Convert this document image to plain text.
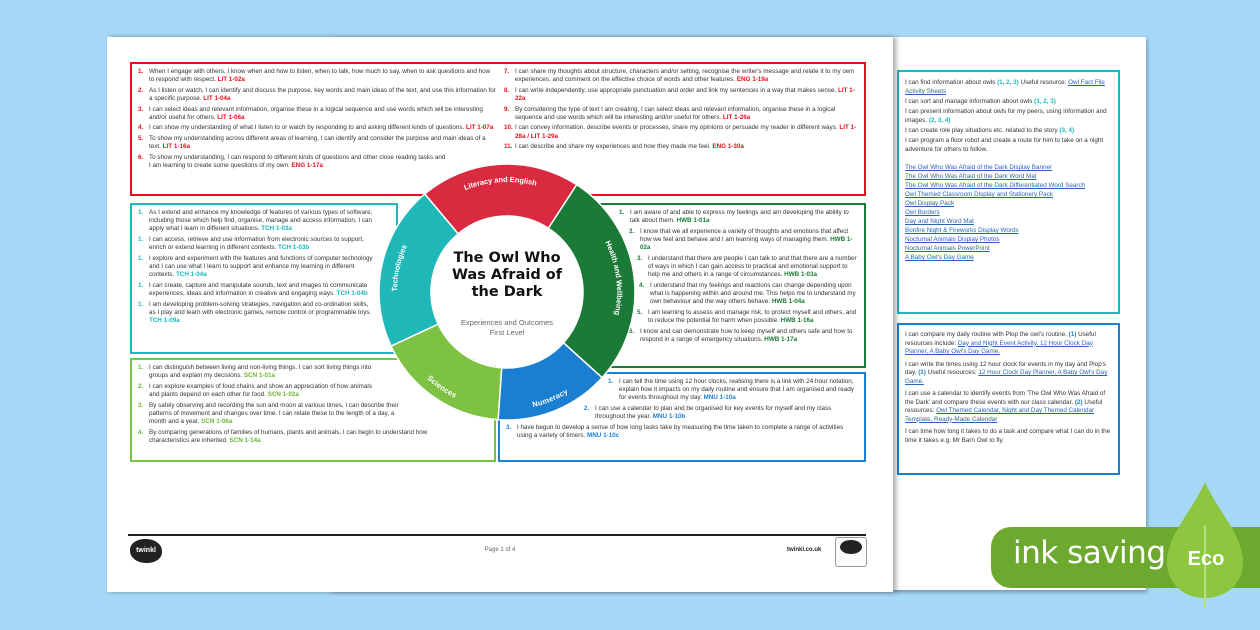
I can find information about owls (1, 2, 3) Useful resource: Owl Fact File Activity Sheets
I can sort and manage information about owls (1, 2, 3)
I can present information about owls for my peers, using information and images. (2, 3, 4)
I can create role play situations etc. related to the story (3, 4)
I can program a floor robot and create a route for him to take on a night adventure for others to follow.
The Owl Who Was Afraid of the Dark Display Banner
The Owl Who Was Afraid of the Dark Word Mat
The Owl Who Was Afraid of the Dark Differentiated Word Search
Owl Themed Classroom Display and Stationery Pack
Owl Display Pack
Owl Borders
Day and Night Word Mat
Bonfire Night & Fireworks Display Words
Nocturnal Animals Display Photos
Nocturnal Animals PowerPoint
A Baby Owl's Day Game
I can compare my daily routine with Plop the owl's routine. (1) Useful resources include: Day and Night Event Activity, 12 Hour Clock Day Planner, A Baby Owl's Day Game.
I can write the times using 12 hour clock for events in my day and Plop's day. (1) Useful resources: 12 Hour Clock Day Planner, A Baby Owl's Day Game.
I can use a calendar to identify events from 'The Owl Who Was Afraid of the Dark' and compare these events with our class calendar. (2) Useful resources: Owl Themed Calendar, Night and Day Themed Calendar Template, Ready-Made Calendar
I can time how long it takes to do a task and compare what I can do in the time it takes e.g. Mr Barn Owl to fly.
1. When I engage with others, I know when and how to listen, when to talk, how much to say, when to ask questions and how to respond with respect. LIT 1-02a
2. As I listen or watch, I can identify and discuss the purpose, key words and main ideas of the text, and use this information for a specific purpose. LIT 1-04a
3. I can select ideas and relevant information, organise these in a logical sequence and use words which will be interesting and/or useful for others. LIT 1-06a
4. I can show my understanding of what I listen to or watch by responding to and asking different kinds of questions. LIT 1-07a
5. To show my understanding across different areas of learning, I can identify and consider the purpose and main ideas of a text. LIT 1-16a
6. To show my understanding, I can respond to different kinds of questions and other close reading tasks and I am learning to create some questions of my own. ENG 1-17a
7. I can share my thoughts about structure, characters and/or setting, recognise the writer's message and relate it to my own experiences, and comment on the effective choice of words and other features. ENG 1-19a
8. I can write independently, use appropriate punctuation and order and link my sentences in a way that makes sense. LIT 1-22a
9. By considering the type of text I am creating, I can select ideas and relevant information, organise these in a logical sequence and use words which will be interesting and/or useful for others. LIT 1-26a
10. I can convey information, describe events or processes, share my opinions or persuade my reader in different ways. LIT 1-28a / LIT 1-29a
11. I can describe and share my experiences and how they made me feel. ENG 1-30a
1. As I extend and enhance my knowledge of features of various types of software, including those which help find, organise, manage and access information, I can apply what I learn in different situations. TCH 1-03a
1. I can access, retrieve and use information from electronic sources to support, enrich or extend learning in different contexts. TCH 1-03b
1. I explore and experiment with the features and functions of computer technology and I can use what I learn to support and enhance my learning in different contexts. TCH 1-04a
1. I can create, capture and manipulate sounds, text and images to communicate experiences, ideas and information in creative and engaging ways. TCH 1-04b
1. I am developing problem-solving strategies, navigation and co-ordination skills, as I play and learn with electronic games, remote control or programmable toys. TCH 1-09a
1. I am aware of and able to express my feelings and am developing the ability to talk about them. HWB 1-01a
2. I know that we all experience a variety of thoughts and emotions that affect how we feel and behave and I am learning ways of managing them. HWB 1-02a
3. I understand that there are people I can talk to and that there are a number of ways in which I can gain access to practical and emotional support to help me and others in a range of circumstances. HWB 1-03a
4. I understand that my feelings and reactions can change depending upon what is happening within and around me. This helps me to understand my own behaviour and the way others behave. HWB 1-04a
5. I am learning to assess and manage risk, to protect myself and others, and to reduce the potential for harm when possible. HWB 1-16a
6. I know and can demonstrate how to keep myself and others safe and how to respond in a range of emergency situations. HWB 1-17a
1. I can distinguish between living and non-living things. I can sort living things into groups and explain my decisions. SCN 1-01a
2. I can explore examples of food chains and show an appreciation of how animals and plants depend on each other for food. SCN 1-02a
3. By safely observing and recording the sun and moon at various times, I can describe their patterns of movement and changes over time. I can relate these to the length of a day, a month and a year. SCN 1-06a
4. By comparing generations of families of humans, plants and animals, I can begin to understand how characteristics are inherited. SCN 1-14a
1. I can tell the time using 12 hour clocks, realising there is a link with 24 hour notation, explain how it impacts on my daily routine and ensure that I am organised and ready for events throughout my day. MNU 1-10a
2. I can use a calendar to plan and be organised for key events for myself and my class throughout the year. MNU 1-10b
3. I have begun to develop a sense of how long tasks take by measuring the time taken to complete a range of activities using a variety of timers. MNU 1-10c
Literacy and English
Health and Wellbeing
Numeracy
Sciences
Technologies
The Owl Who
Was Afraid of
the Dark
Experiences and Outcomes
First Level
twinkl	Page 1 of 4	twinkl.co.uk	ink saving Eco
